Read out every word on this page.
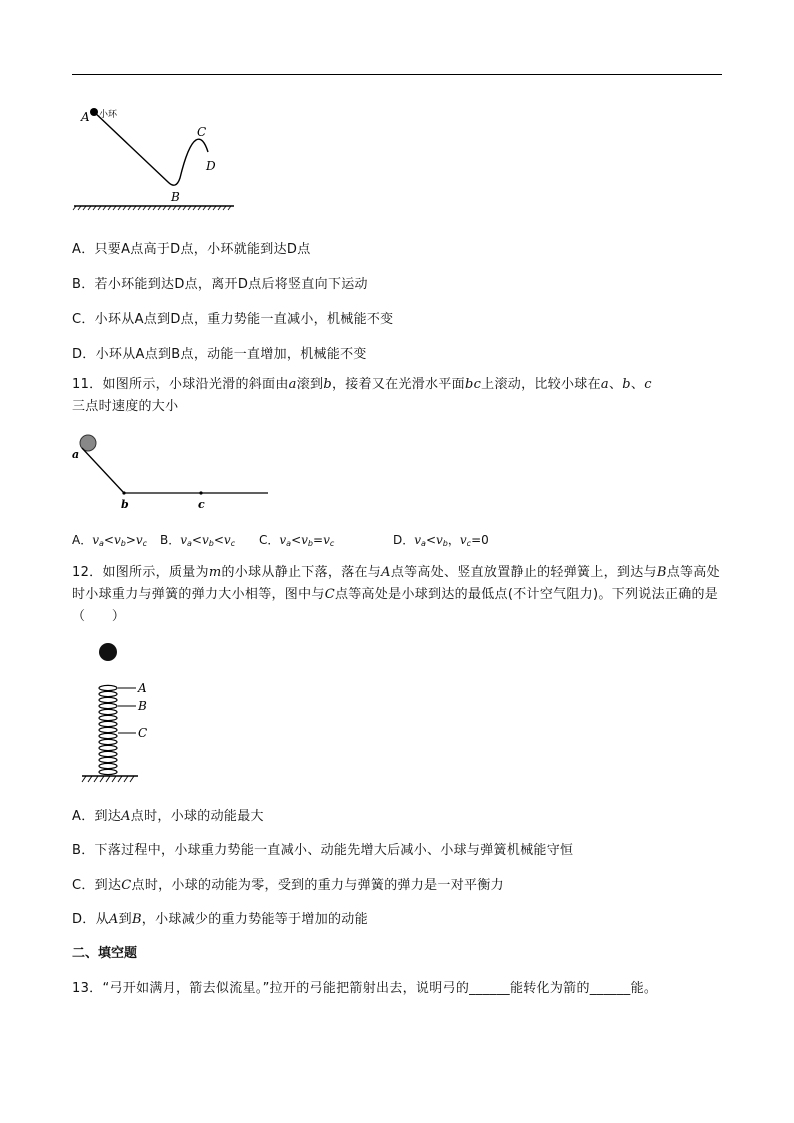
A 小环
B
C
D
A．只要A点高于D点，小环就能到达D点
B．若小环能到达D点，离开D点后将竖直向下运动
C．小环从A点到D点，重力势能一直减小，机械能不变
D．小环从A点到B点，动能一直增加，机械能不变
11．如图所示，小球沿光滑的斜面由a滚到b，接着又在光滑水平面bc上滚动，比较小球在a、b、c
三点时速度的大小
a
b	c
A．va<vb>vc B．va<vb<vc C．va<vb=vc	D．va<vb，vc=0
12．如图所示，质量为m的小球从静止下落，落在与A点等高处、竖直放置静止的轻弹簧上，到达与B点等高处时小球重力与弹簧的弹力大小相等，图中与C点等高处是小球到达的最低点(不计空气阻力)。下列说法正确的是（　　）
A
B
C
A．到达A点时，小球的动能最大
B．下落过程中，小球重力势能一直减小、动能先增大后减小、小球与弹簧机械能守恒
C．到达C点时，小球的动能为零，受到的重力与弹簧的弹力是一对平衡力
D．从A到B，小球减少的重力势能等于增加的动能
二、填空题
13．“弓开如满月，箭去似流星。”拉开的弓能把箭射出去，说明弓的______能转化为箭的______能。
